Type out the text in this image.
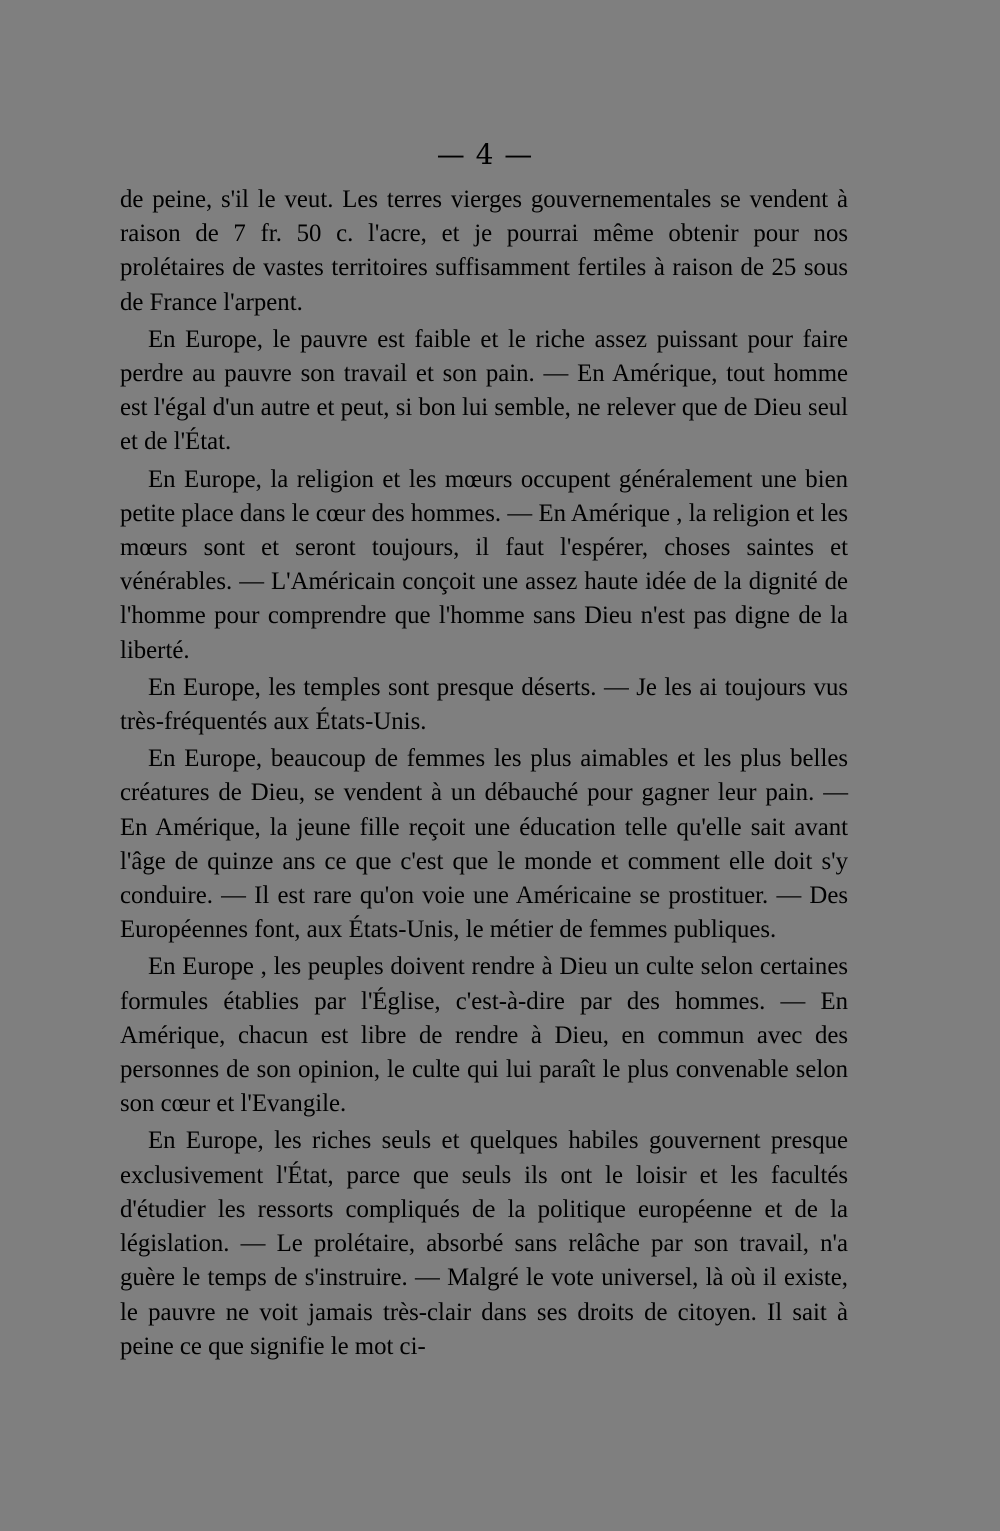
— 4 —

de peine, s'il le veut. Les terres vierges gouvernementales se vendent à raison de 7 fr. 50 c. l'acre, et je pourrai même obtenir pour nos prolétaires de vastes territoires suffisamment fertiles à raison de 25 sous de France l'arpent.

En Europe, le pauvre est faible et le riche assez puissant pour faire perdre au pauvre son travail et son pain. — En Amérique, tout homme est l'égal d'un autre et peut, si bon lui semble, ne relever que de Dieu seul et de l'État.

En Europe, la religion et les mœurs occupent généralement une bien petite place dans le cœur des hommes. — En Amérique , la religion et les mœurs sont et seront toujours, il faut l'espérer, choses saintes et vénérables. — L'Américain conçoit une assez haute idée de la dignité de l'homme pour comprendre que l'homme sans Dieu n'est pas digne de la liberté.

En Europe, les temples sont presque déserts. — Je les ai toujours vus très-fréquentés aux États-Unis.

En Europe, beaucoup de femmes les plus aimables et les plus belles créatures de Dieu, se vendent à un débauché pour gagner leur pain. — En Amérique, la jeune fille reçoit une éducation telle qu'elle sait avant l'âge de quinze ans ce que c'est que le monde et comment elle doit s'y conduire. — Il est rare qu'on voie une Américaine se prostituer. — Des Européennes font, aux États-Unis, le métier de femmes publiques.

En Europe , les peuples doivent rendre à Dieu un culte selon certaines formules établies par l'Église, c'est-à-dire par des hommes. — En Amérique, chacun est libre de rendre à Dieu, en commun avec des personnes de son opinion, le culte qui lui paraît le plus convenable selon son cœur et l'Evangile.

En Europe, les riches seuls et quelques habiles gouvernent presque exclusivement l'État, parce que seuls ils ont le loisir et les facultés d'étudier les ressorts compliqués de la politique européenne et de la législation. — Le prolétaire, absorbé sans relâche par son travail, n'a guère le temps de s'instruire. — Malgré le vote universel, là où il existe, le pauvre ne voit jamais très-clair dans ses droits de citoyen. Il sait à peine ce que signifie le mot ci-
